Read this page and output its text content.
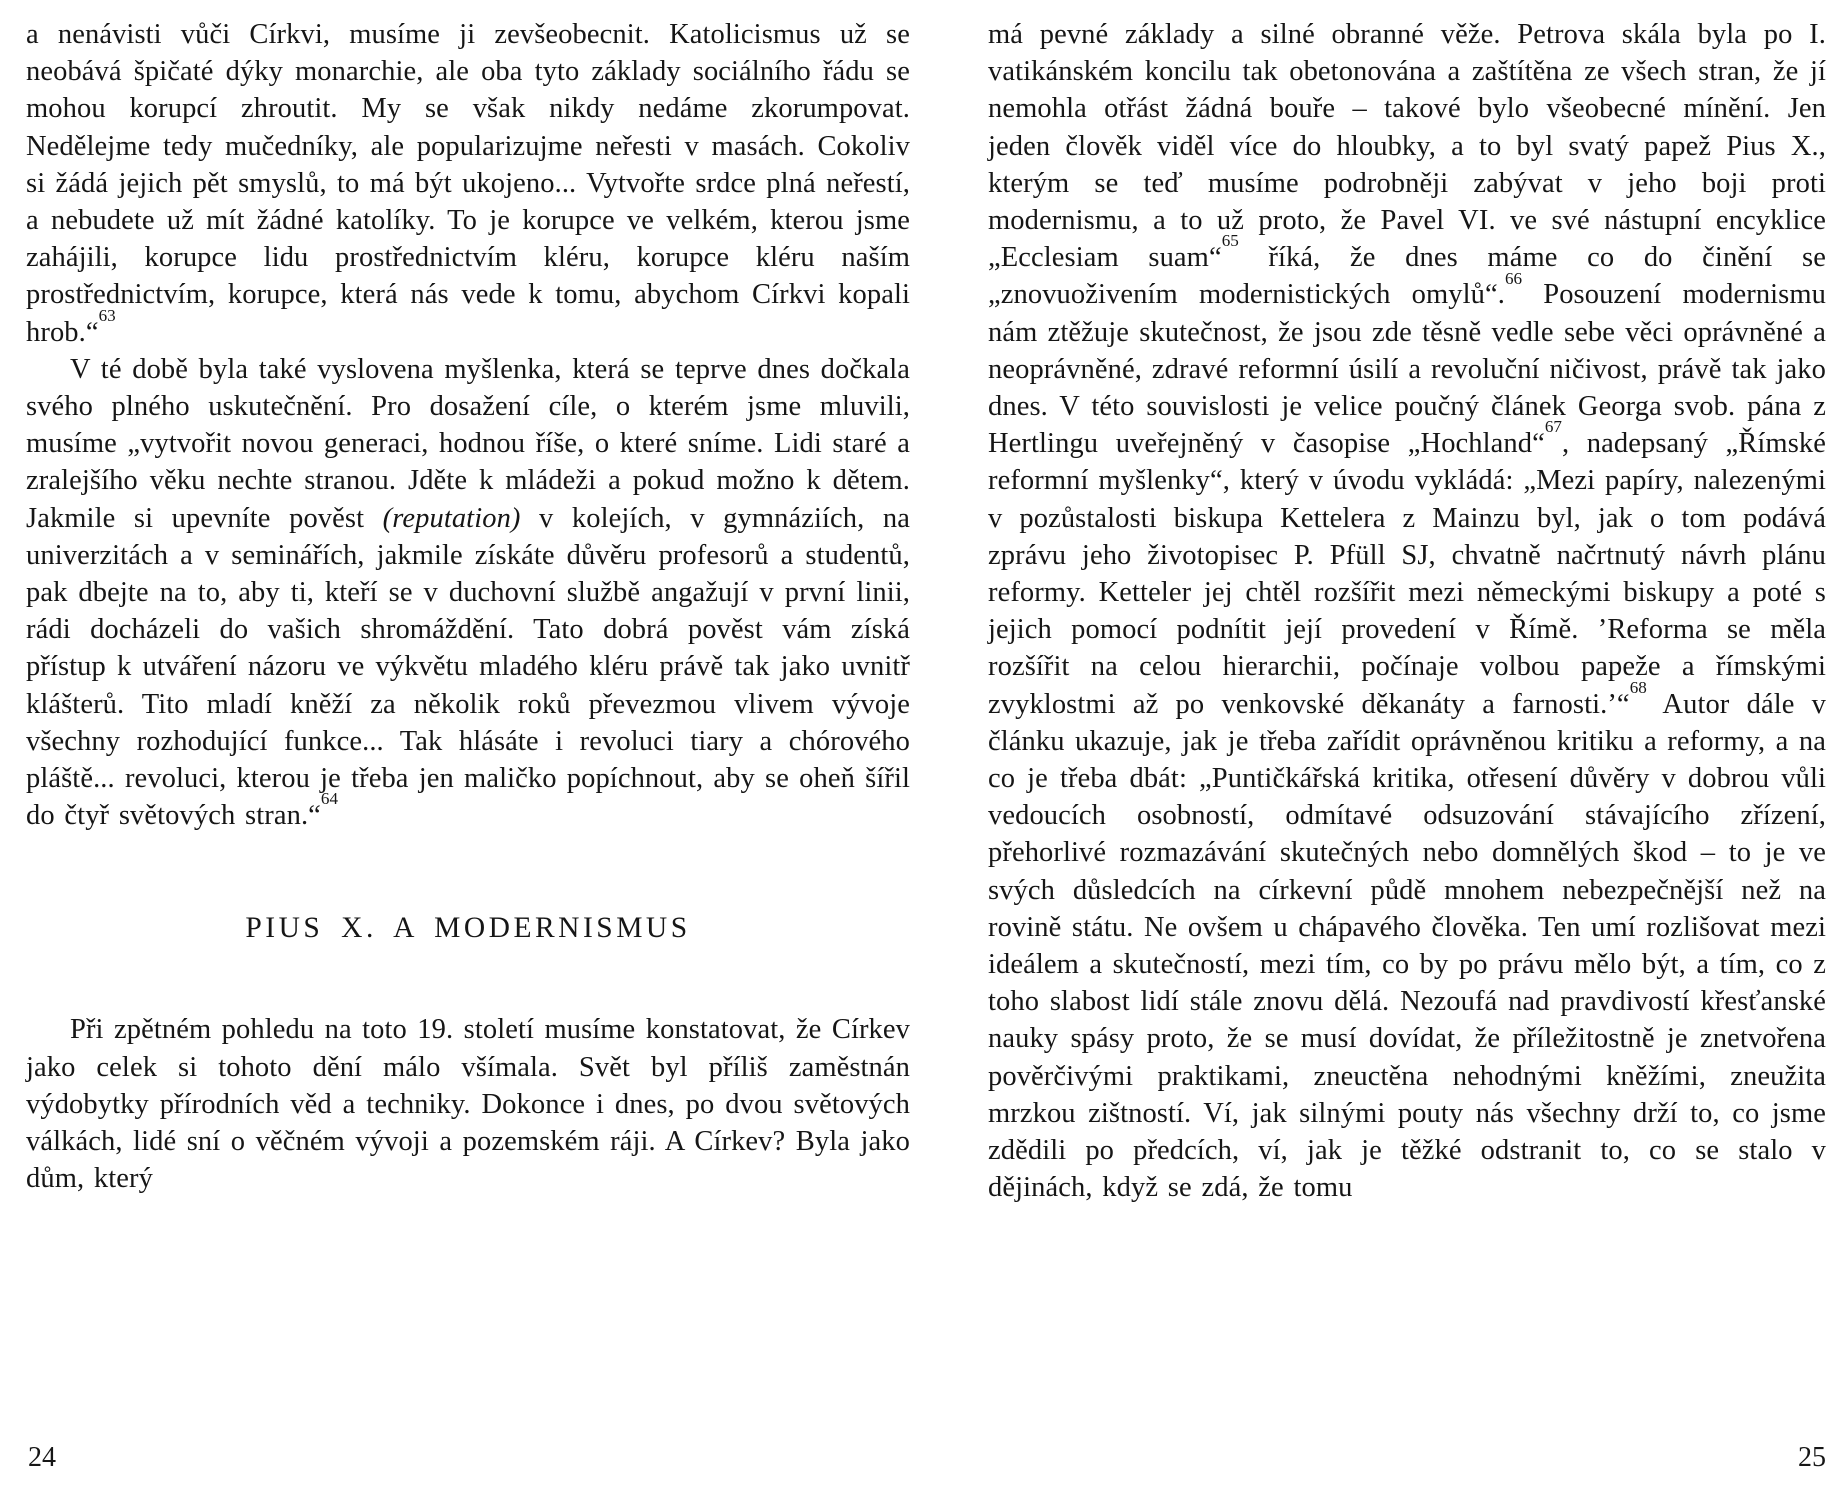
a nenávisti vůči Církvi, musíme ji zevšeobecnit. Katolicismus už se neobává špičaté dýky monarchie, ale oba tyto základy sociálního řádu se mohou korupcí zhroutit. My se však nikdy nedáme zkorumpovat. Nedělejme tedy mučedníky, ale popularizujme neřesti v masách. Cokoliv si žádá jejich pět smyslů, to má být ukojeno... Vytvořte srdce plná neřestí, a nebudete už mít žádné katolíky. To je korupce ve velkém, kterou jsme zahájili, korupce lidu prostřednictvím kléru, korupce kléru naším prostřednictvím, korupce, která nás vede k tomu, abychom Církvi kopali hrob.“$^{63}$

V té době byla také vyslovena myšlenka, která se teprve dnes dočkala svého plného uskutečnění. Pro dosažení cíle, o kterém jsme mluvili, musíme „vytvořit novou generaci, hodnou říše, o které sníme. Lidi staré a zralejšího věku nechte stranou. Jděte k mládeži a pokud možno k dětem. Jakmile si upevníte pověst (reputation) v kolejích, v gymnáziích, na univerzitách a v seminářích, jakmile získáte důvěru profesorů a studentů, pak dbejte na to, aby ti, kteří se v duchovní službě angažují v první linii, rádi docházeli do vašich shromáždění. Tato dobrá pověst vám získá přístup k utváření názoru ve výkvětu mladého kléru právě tak jako uvnitř klášterů. Tito mladí kněží za několik roků převezmou vlivem vývoje všechny rozhodující funkce... Tak hlásáte i revoluci tiary a chórového pláště... revoluci, kterou je třeba jen maličko popíchnout, aby se oheň šířil do čtyř světových stran.“$^{64}$

PIUS X. A MODERNISMUS

Při zpětném pohledu na toto 19. století musíme konstatovat, že Církev jako celek si tohoto dění málo všímala. Svět byl příliš zaměstnán výdobytky přírodních věd a techniky. Dokonce i dnes, po dvou světových válkách, lidé sní o věčném vývoji a pozemském ráji. A Církev? Byla jako dům, který

24

má pevné základy a silné obranné věže. Petrova skála byla po I. vatikánském koncilu tak obetonována a zaštítěna ze všech stran, že jí nemohla otřást žádná bouře – takové bylo všeobecné mínění. Jen jeden člověk viděl více do hloubky, a to byl svatý papež Pius X., kterým se teď musíme podrobněji zabývat v jeho boji proti modernismu, a to už proto, že Pavel VI. ve své nástupní encyklice „Ecclesiam suam“$^{65}$ říká, že dnes máme co do činění se „znovuoživením modernistických omylů“.$^{66}$ Posouzení modernismu nám ztěžuje skutečnost, že jsou zde těsně vedle sebe věci oprávněné a neoprávněné, zdravé reformní úsilí a revoluční ničivost, právě tak jako dnes. V této souvislosti je velice poučný článek Georga svob. pána z Hertlingu uveřejněný v časopise „Hochland“$^{67}$, nadepsaný „Římské reformní myšlenky“, který v úvodu vykládá: „Mezi papíry, nalezenými v pozůstalosti biskupa Kettelera z Mainzu byl, jak o tom podává zprávu jeho životopisec P. Pfüll SJ, chvatně načrtnutý návrh plánu reformy. Ketteler jej chtěl rozšířit mezi německými biskupy a poté s jejich pomocí podnítit její provedení v Římě. ’Reforma se měla rozšířit na celou hierarchii, počínaje volbou papeže a římskými zvyklostmi až po venkovské děkanáty a farnosti.’“$^{68}$ Autor dále v článku ukazuje, jak je třeba zařídit oprávněnou kritiku a reformy, a na co je třeba dbát: „Puntičkářská kritika, otřesení důvěry v dobrou vůli vedoucích osobností, odmítavé odsuzování stávajícího zřízení, přehorlivé rozmazávání skutečných nebo domnělých škod – to je ve svých důsledcích na církevní půdě mnohem nebezpečnější než na rovině státu. Ne ovšem u chápavého člověka. Ten umí rozlišovat mezi ideálem a skutečností, mezi tím, co by po právu mělo být, a tím, co z toho slabost lidí stále znovu dělá. Nezoufá nad pravdivostí křesťanské nauky spásy proto, že se musí dovídat, že příležitostně je znetvořena pověrčivými praktikami, zneuctěna nehodnými kněžími, zneužita mrzkou zištností. Ví, jak silnými pouty nás všechny drží to, co jsme zdědili po předcích, ví, jak je těžké odstranit to, co se stalo v dějinách, když se zdá, že tomu

25
